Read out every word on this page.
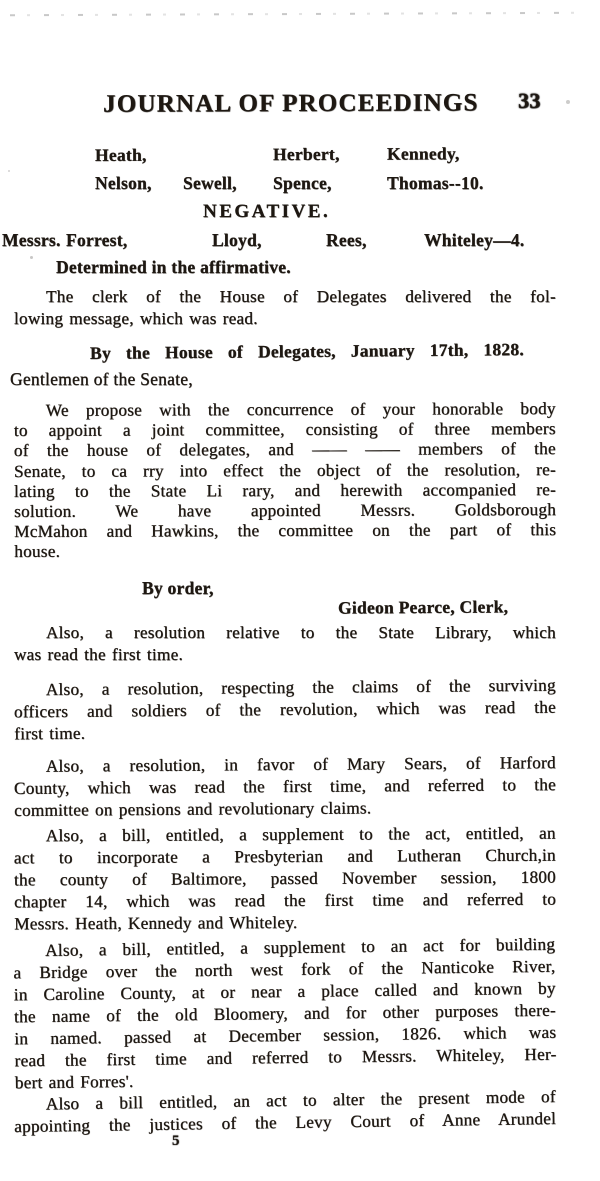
JOURNAL OF PROCEEDINGS 33
Heath,	Herbert,	Kennedy,
Nelson, Sewell, Spence,	Thomas--10.
NEGATIVE.
Messrs. Forrest,	Lloyd,	Rees,	Whiteley—4.
Determined in the affirmative.
The clerk of the House of Delegates delivered the fol-
lowing message, which was read.
By the House of Delegates, January 17th, 1828.
Gentlemen of the Senate,
We propose with the concurrence of your honorable body
to appoint a joint committee, consisting of three members
of the house of delegates, and —— —— members of the
Senate, to ca rry into effect the object of the resolution, re-
lating to the State Li rary, and herewith accompanied re-
solution. We have appointed Messrs. Goldsborough
McMahon and Hawkins, the committee on the part of this
house.
By order,
Gideon Pearce, Clerk,
Also, a resolution relative to the State Library, which
was read the first time.
Also, a resolution, respecting the claims of the surviving
officers and soldiers of the revolution, which was read the
first time.
Also, a resolution, in favor of Mary Sears, of Harford
County, which was read the first time, and referred to the
committee on pensions and revolutionary claims.
Also, a bill, entitled, a supplement to the act, entitled, an
act to incorporate a Presbyterian and Lutheran Church,in
the county of Baltimore, passed November session, 1800
chapter 14, which was read the first time and referred to
Messrs. Heath, Kennedy and Whiteley.
Also, a bill, entitled, a supplement to an act for building
a Bridge over the north west fork of the Nanticoke River,
in Caroline County, at or near a place called and known by
the name of the old Bloomery, and for other purposes there-
in named. passed at December session, 1826. which was
read the first time and referred to Messrs. Whiteley, Her-
bert and Forres'.
Also a bill entitled, an act to alter the present mode of
appointing the justices of the Levy Court of Anne Arundel
5
